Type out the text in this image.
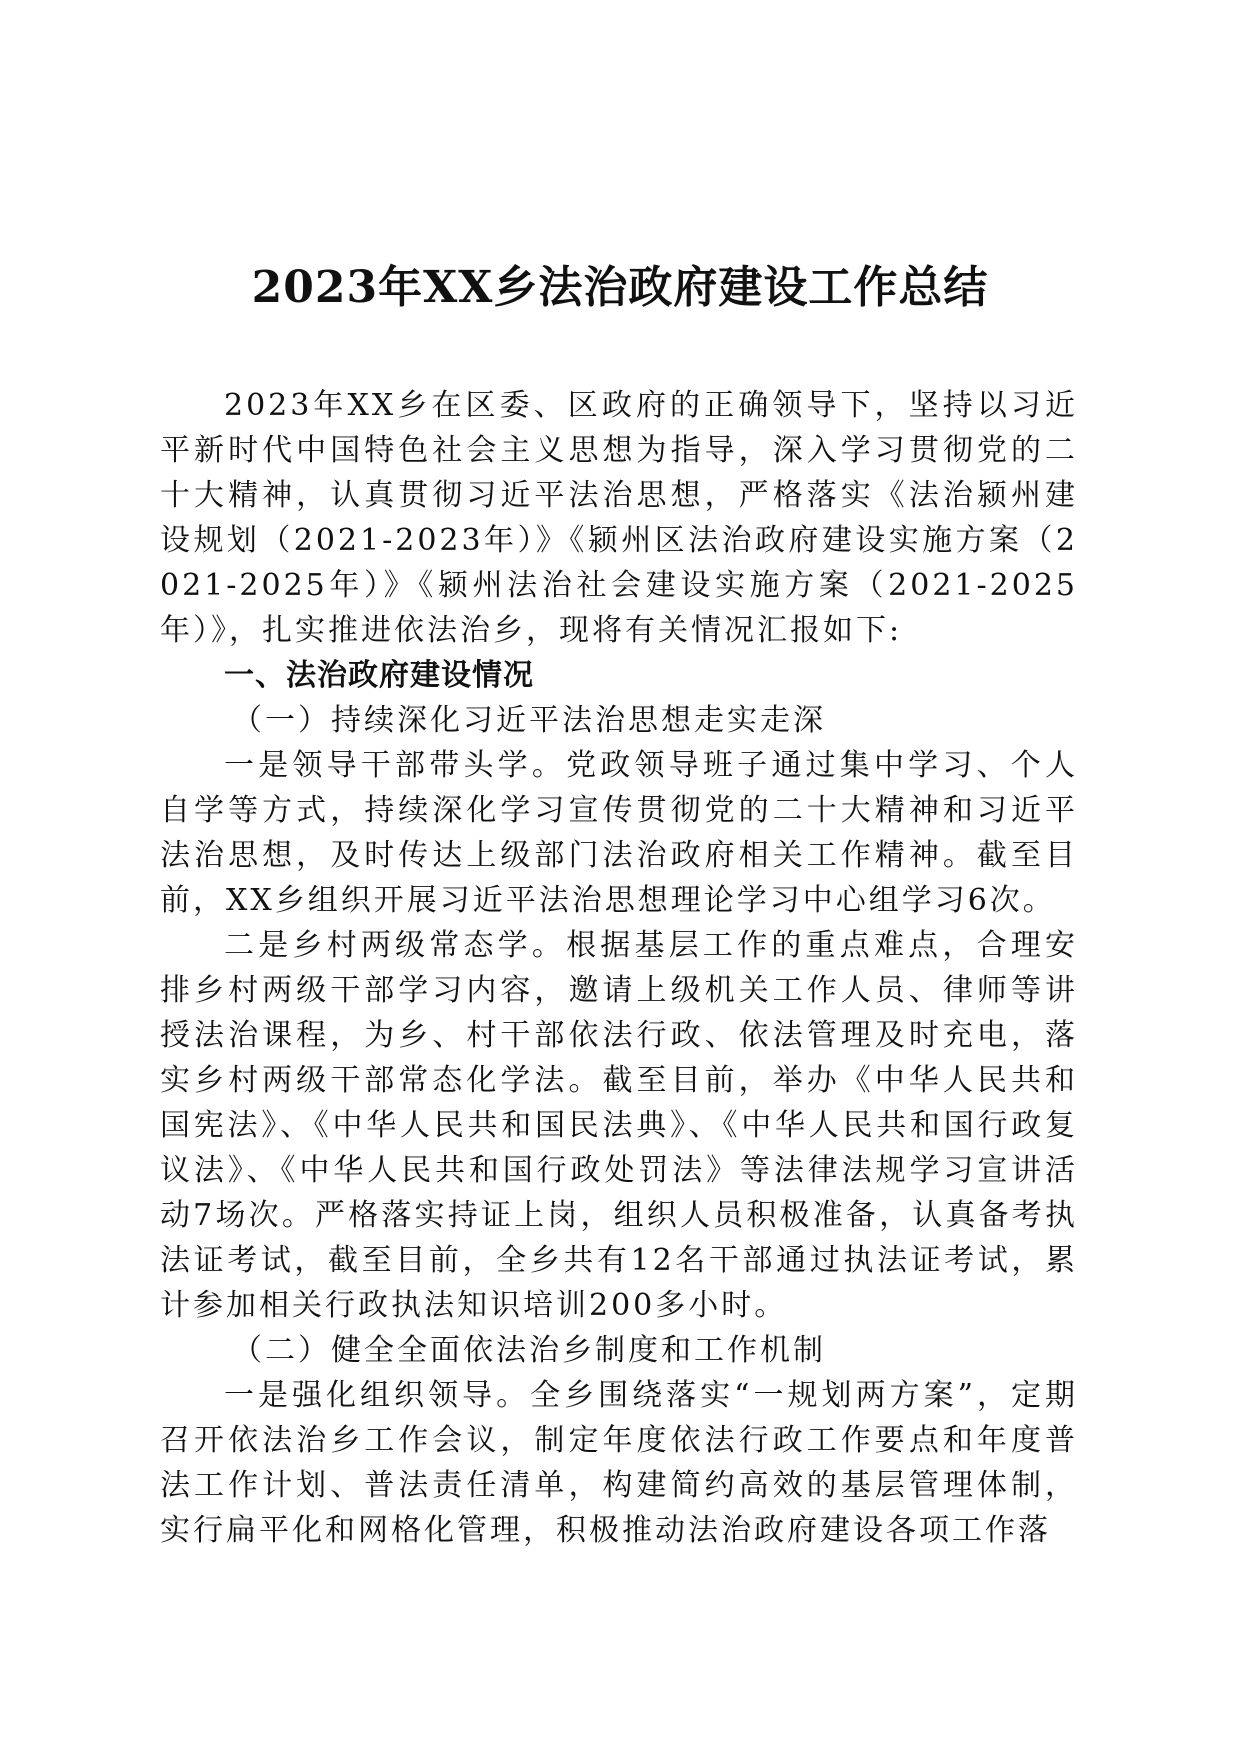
2023年XX乡法治政府建设工作总结

2023年XX乡在区委、区政府的正确领导下，坚持以习近平新时代中国特色社会主义思想为指导，深入学习贯彻党的二十大精神，认真贯彻习近平法治思想，严格落实《法治颍州建设规划（2021-2023年）》《颍州区法治政府建设实施方案（2021-2025年）》《颍州法治社会建设实施方案（2021-2025年）》，扎实推进依法治乡，现将有关情况汇报如下:

一、法治政府建设情况

（一）持续深化习近平法治思想走实走深

一是领导干部带头学。党政领导班子通过集中学习、个人自学等方式，持续深化学习宣传贯彻党的二十大精神和习近平法治思想，及时传达上级部门法治政府相关工作精神。截至目前，XX乡组织开展习近平法治思想理论学习中心组学习6次。

二是乡村两级常态学。根据基层工作的重点难点，合理安排乡村两级干部学习内容，邀请上级机关工作人员、律师等讲授法治课程，为乡、村干部依法行政、依法管理及时充电，落实乡村两级干部常态化学法。截至目前，举办《中华人民共和国宪法》、《中华人民共和国民法典》、《中华人民共和国行政复议法》、《中华人民共和国行政处罚法》等法律法规学习宣讲活动7场次。严格落实持证上岗，组织人员积极准备，认真备考执法证考试，截至目前，全乡共有12名干部通过执法证考试，累计参加相关行政执法知识培训200多小时。

（二）健全全面依法治乡制度和工作机制

一是强化组织领导。全乡围绕落实“一规划两方案”，定期召开依法治乡工作会议，制定年度依法行政工作要点和年度普法工作计划、普法责任清单，构建简约高效的基层管理体制，实行扁平化和网格化管理，积极推动法治政府建设各项工作落
